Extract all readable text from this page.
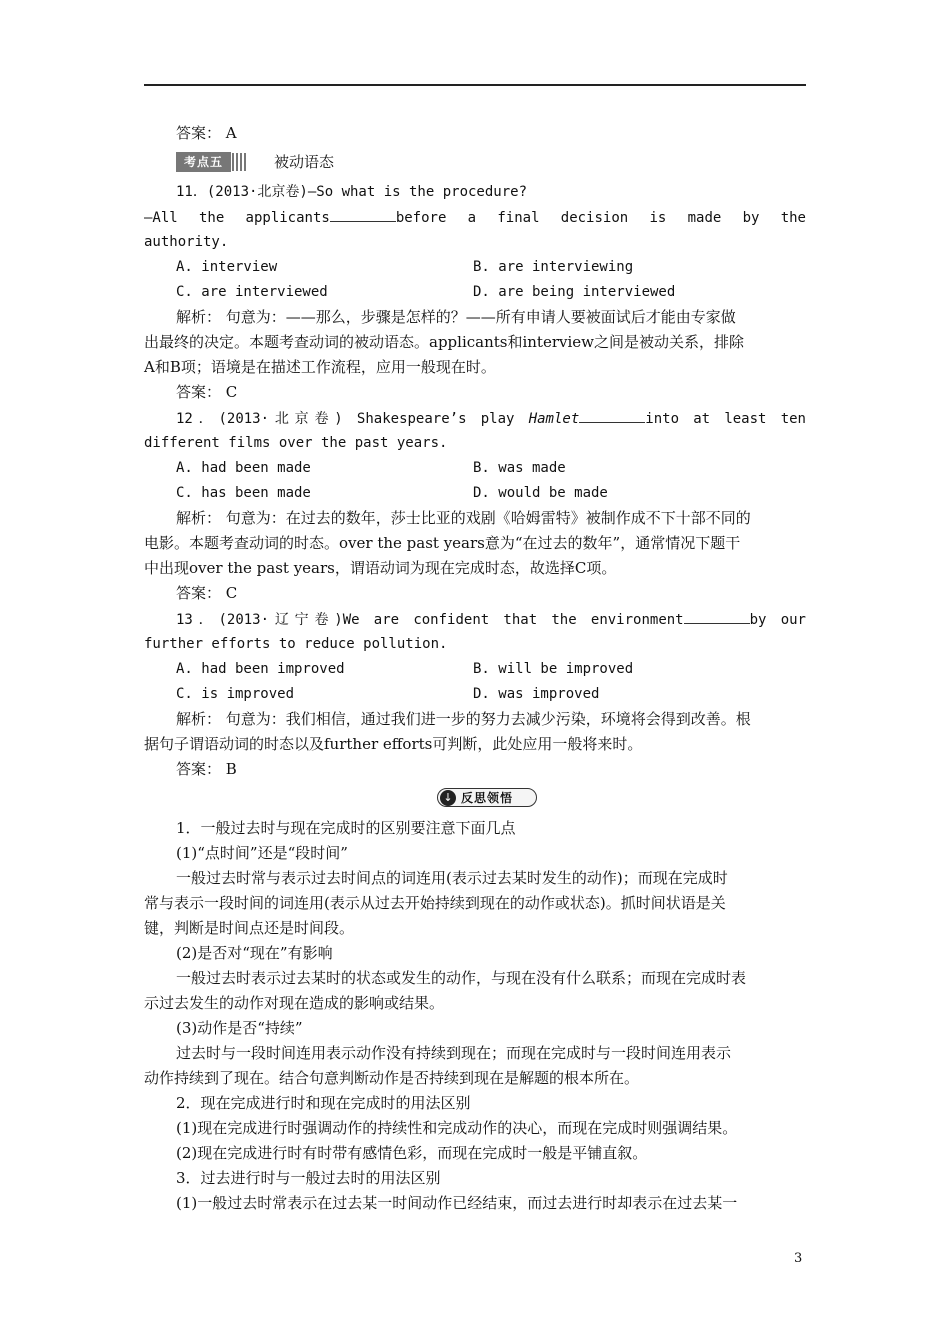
答案： A
考点五	被动语态
11．(2013·北京卷)—So what is the procedure?
—All the applicants	before a final decision is made by the
authority.
A. interview	B. are interviewing
C. are interviewed	D. are being interviewed
解析： 句意为：——那么，步骤是怎样的？——所有申请人要被面试后才能由专家做
出最终的决定。本题考查动词的被动语态。applicants和interview之间是被动关系，排除
A和B项；语境是在描述工作流程，应用一般现在时。
答案： C
12．(2013·北京卷) Shakespeare’s play Hamlet	into at least ten
different films over the past years.
A. had been made	B. was made
C. has been made	D. would be made
解析： 句意为：在过去的数年，莎士比亚的戏剧《哈姆雷特》被制作成不下十部不同的
电影。本题考查动词的时态。over the past years意为“在过去的数年”，通常情况下题干
中出现over the past years，谓语动词为现在完成时态，故选择C项。
答案： C
13．(2013·辽宁卷)We are confident that the environment	by our
further efforts to reduce pollution.
A. had been improved	B. will be improved
C. is improved	D. was improved
解析： 句意为：我们相信，通过我们进一步的努力去减少污染，环境将会得到改善。根
据句子谓语动词的时态以及further efforts可判断，此处应用一般将来时。
答案： B
↓ 反思领悟
1．一般过去时与现在完成时的区别要注意下面几点
(1)“点时间”还是“段时间”
一般过去时常与表示过去时间点的词连用(表示过去某时发生的动作)；而现在完成时
常与表示一段时间的词连用(表示从过去开始持续到现在的动作或状态)。抓时间状语是关
键，判断是时间点还是时间段。
(2)是否对“现在”有影响
一般过去时表示过去某时的状态或发生的动作，与现在没有什么联系；而现在完成时表
示过去发生的动作对现在造成的影响或结果。
(3)动作是否“持续”
过去时与一段时间连用表示动作没有持续到现在；而现在完成时与一段时间连用表示
动作持续到了现在。结合句意判断动作是否持续到现在是解题的根本所在。
2．现在完成进行时和现在完成时的用法区别
(1)现在完成进行时强调动作的持续性和完成动作的决心，而现在完成时则强调结果。
(2)现在完成进行时有时带有感情色彩，而现在完成时一般是平铺直叙。
3．过去进行时与一般过去时的用法区别
(1)一般过去时常表示在过去某一时间动作已经结束，而过去进行时却表示在过去某一
3
